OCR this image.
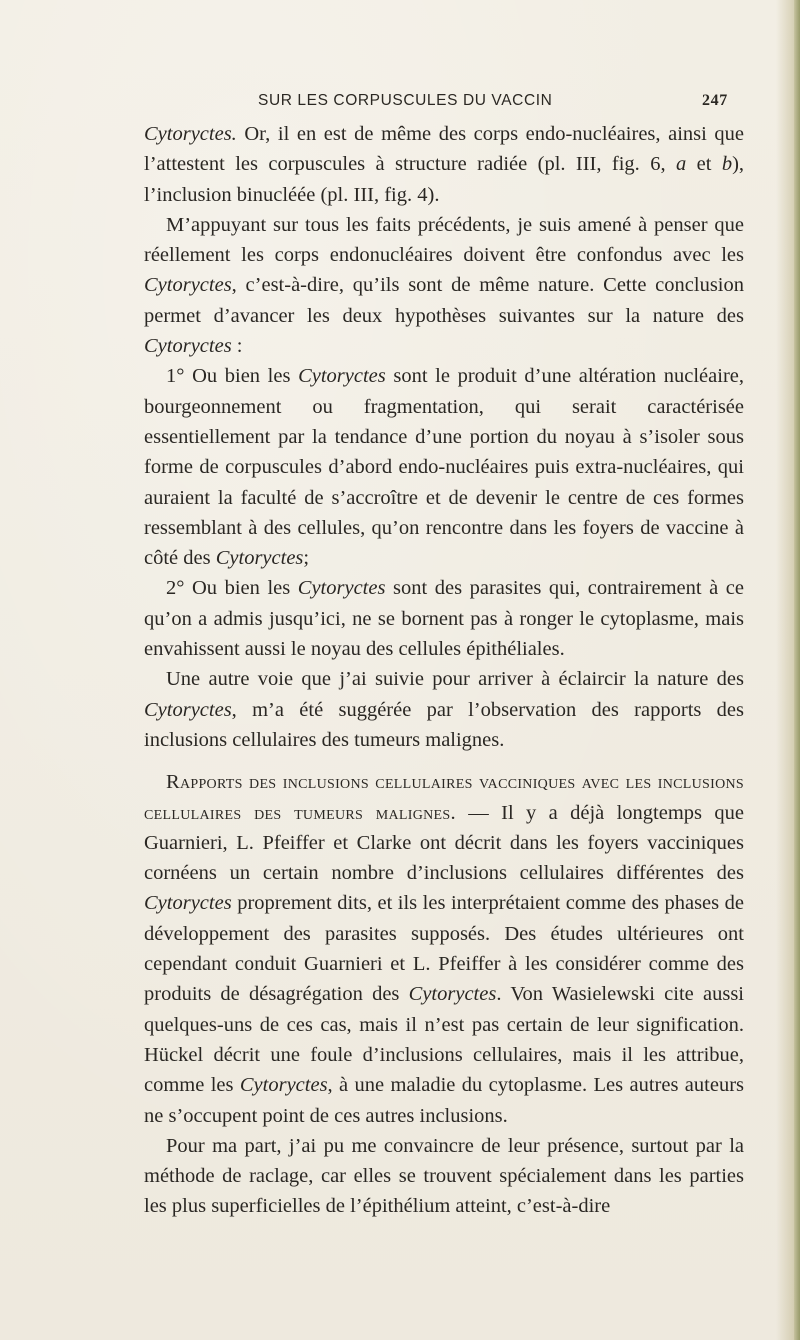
SUR LES CORPUSCULES DU VACCIN	247

Cytoryctes. Or, il en est de même des corps endo-nucléaires, ainsi que l’attestent les corpuscules à structure radiée (pl. III, fig. 6, a et b), l’inclusion binucléée (pl. III, fig. 4).

M’appuyant sur tous les faits précédents, je suis amené à penser que réellement les corps endonucléaires doivent être confondus avec les Cytoryctes, c’est-à-dire, qu’ils sont de même nature. Cette conclusion permet d’avancer les deux hypothèses suivantes sur la nature des Cytoryctes :

1° Ou bien les Cytoryctes sont le produit d’une altération nucléaire, bourgeonnement ou fragmentation, qui serait caractérisée essentiellement par la tendance d’une portion du noyau à s’isoler sous forme de corpuscules d’abord endo-nucléaires puis extra-nucléaires, qui auraient la faculté de s’accroître et de devenir le centre de ces formes ressemblant à des cellules, qu’on rencontre dans les foyers de vaccine à côté des Cytoryctes;

2° Ou bien les Cytoryctes sont des parasites qui, contrairement à ce qu’on a admis jusqu’ici, ne se bornent pas à ronger le cytoplasme, mais envahissent aussi le noyau des cellules épithéliales.

Une autre voie que j’ai suivie pour arriver à éclaircir la nature des Cytoryctes, m’a été suggérée par l’observation des rapports des inclusions cellulaires des tumeurs malignes.

Rapports des inclusions cellulaires vacciniques avec les inclusions cellulaires des tumeurs malignes. — Il y a déjà longtemps que Guarnieri, L. Pfeiffer et Clarke ont décrit dans les foyers vacciniques cornéens un certain nombre d’inclusions cellulaires différentes des Cytoryctes proprement dits, et ils les interprétaient comme des phases de développement des parasites supposés. Des études ultérieures ont cependant conduit Guarnieri et L. Pfeiffer à les considérer comme des produits de désagrégation des Cytoryctes. Von Wasielewski cite aussi quelques-uns de ces cas, mais il n’est pas certain de leur signification. Hückel décrit une foule d’inclusions cellulaires, mais il les attribue, comme les Cytoryctes, à une maladie du cytoplasme. Les autres auteurs ne s’occupent point de ces autres inclusions.

Pour ma part, j’ai pu me convaincre de leur présence, surtout par la méthode de raclage, car elles se trouvent spécialement dans les parties les plus superficielles de l’épithélium atteint, c’est-à-dire
